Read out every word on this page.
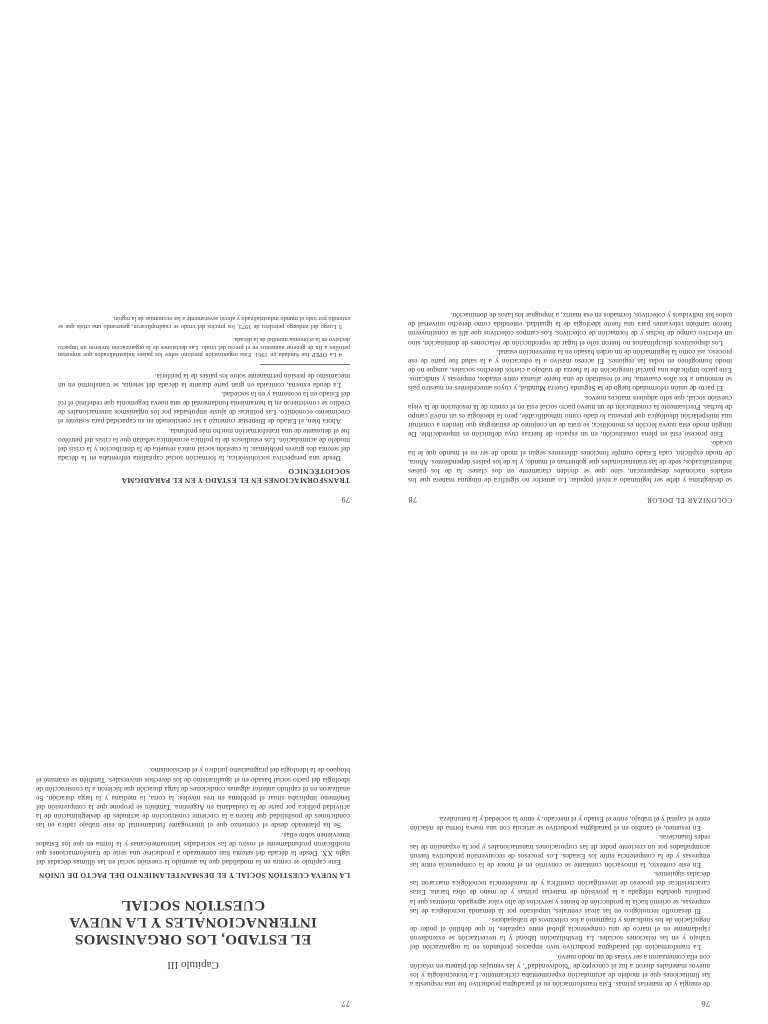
76

de energía y de materias primas. Esta transformación en el paradigma productivo fue una respuesta a las limitaciones que el modelo de acumulación experimentaba cíclicamente. La biotecnología y los nuevos materiales dieron a luz el concepto de "biodiversidad", y las ventajas del planeta en relación con ella comenzaron a ser vistas de un modo nuevo.

La transformación del paradigma productivo tuvo impactos profundos en la organización del trabajo y en las relaciones sociales. La flexibilización laboral y la tercerización se extendieron rápidamente en el marco de una competencia global entre capitales, lo que debilitó el poder de negociación de los sindicatos y fragmentó a los colectivos de trabajadores.

El desarrollo tecnológico en las áreas centrales, impulsado por la demanda tecnológica de las empresas, se orientó hacia la producción de bienes y servicios de alto valor agregado, mientras que la periferia quedaba relegada a la provisión de materias primas y de mano de obra barata. Estas características del proceso de investigación científica y de transferencia tecnológica marcaron las décadas siguientes.

En este contexto, la innovación constante se convirtió en el motor de la competencia entre las empresas y de la competencia entre los Estados. Los procesos de reconversión productiva fueron acompañados por un creciente poder de las corporaciones transnacionales y por la expansión de las redes financieras.

En resumen, el cambio en el paradigma productivo se articula con una nueva forma de relación entre el capital y el trabajo, entre el Estado y el mercado, y entre la sociedad y la naturaleza.

77
Capítulo III
EL ESTADO, LOS ORGANISMOS INTERNACIONALES Y LA NUEVA CUESTIÓN SOCIAL
LA NUEVA CUESTIÓN SOCIAL Y EL DESMANTELAMIENTO DEL PACTO DE UNIÓN

Este capítulo se centra en la modalidad que ha asumido la cuestión social en las últimas décadas del siglo XX. Desde la década del setenta han comenzado a producirse una serie de transformaciones que modificaron profundamente el rostro de las sociedades latinoamericanas y la forma en que los Estados intervienen sobre ellas.

Se ha planteado desde el comienzo que el interrogante fundamental de este trabajo radica en las condiciones de posibilidad que hacen a la creciente construcción de actitudes de deslegitimación de la actividad política por parte de la ciudadanía en Argentina. También se propone que la comprensión del fenómeno implicaba situar el problema en tres niveles: la corta, la mediana y la larga duración. Se analizaron en el capítulo anterior algunas condiciones de larga duración que hicieron a la construcción de ideología del pacto social basado en el igualitarismo de los derechos universales. También se examinó el bloqueo de la ideología del pragmatismo jurídico y el decisionismo.

COLONIZAR EL DOLOR
78

se deslegitima y debe ser legitimado a nivel popular. Lo anterior no significa de ninguna manera que los estados nacionales desaparezcan, sino que se dividen claramente en dos clases: la de los países industrializados, sede de las transnacionales que gobiernan el mundo, y la de los países dependientes. Ahora, de modo explícito, cada Estado cumple funciones diferentes según el modo de ser en el mundo que le ha tocado.

Este proceso está en plena constitución, en un espacio de fuerzas cuya definición es impredecible. De ningún modo esta nueva lección es monolítica; se trata de un conjunto de estrategias que tienden a construir una interpelación ideológica que presenta lo dado como inmodificable, pero la ideología es un móvil campo de luchas. Precisamente la constitución de un nuevo pacto social está en el centro de la resolución de la vieja cuestión social, que sólo adquiere matices nuevos.

El pacto de unión reformulado luego de la Segunda Guerra Mundial, y cuyos antecedentes en nuestro país se remontan a los años cuarenta, fue el resultado de una fuerte alianza entre estados, empresas y sindicatos. Este pacto implicaba una parcial integración de la fuerza de trabajo a ciertos derechos sociales, aunque no de modo homogéneo en todas las regiones. El acceso masivo a la educación y a la salud fue parte de ese proceso, así como la legitimación de un orden basado en la intervención estatal.

Los dispositivos disciplinarios no fueron sólo el lugar de reproducción de relaciones de dominación, sino un efectivo campo de luchas y de formación de colectivos. Los campos colectivos que allí se constituyeron fueron también relevantes para una fuerte ideología de la igualdad, entendida como derecho universal de todos los individuos y colectivos, formados en esa matriz, a impugnar los lazos de dominación.

79
TRANSFORMACIONES EN EL ESTADO Y EN EL PARADIGMA SOCIOTÉCNICO

Desde una perspectiva sociohistórica, la formación social capitalista enfrentaba en la década del setenta dos graves problemas: la cuestión social nunca resuelta de la distribución y la crisis del modelo de acumulación. Los estudiosos de la política económica señalan que la crisis del petróleo fue el detonante de una transformación mucho más profunda.

Ahora bien, el Estado de Bienestar comenzó a ser cuestionado en su capacidad para sostener el crecimiento económico. Las políticas de ajuste impulsadas por los organismos internacionales de crédito se convirtieron en la herramienta fundamental de una nueva hegemonía que redefinió el rol del Estado en la economía y en la sociedad.

La deuda externa, contraída en gran parte durante la década del setenta, se transformó en un mecanismo de presión permanente sobre los países de la periferia.

4 La OPEP fue fundada en 1961. Esta organización presionó sobre los países industrializados que importan petróleo a fin de generar aumentos en el precio del crudo. Las decisiones de la organización tuvieron un impacto decisivo en la economía mundial de la década.

5 Luego del embargo petrolero de 1973, los precios del crudo se cuadruplicaron, generando una crisis que se extendió por todo el mundo industrializado y afectó severamente a las economías de la región.
